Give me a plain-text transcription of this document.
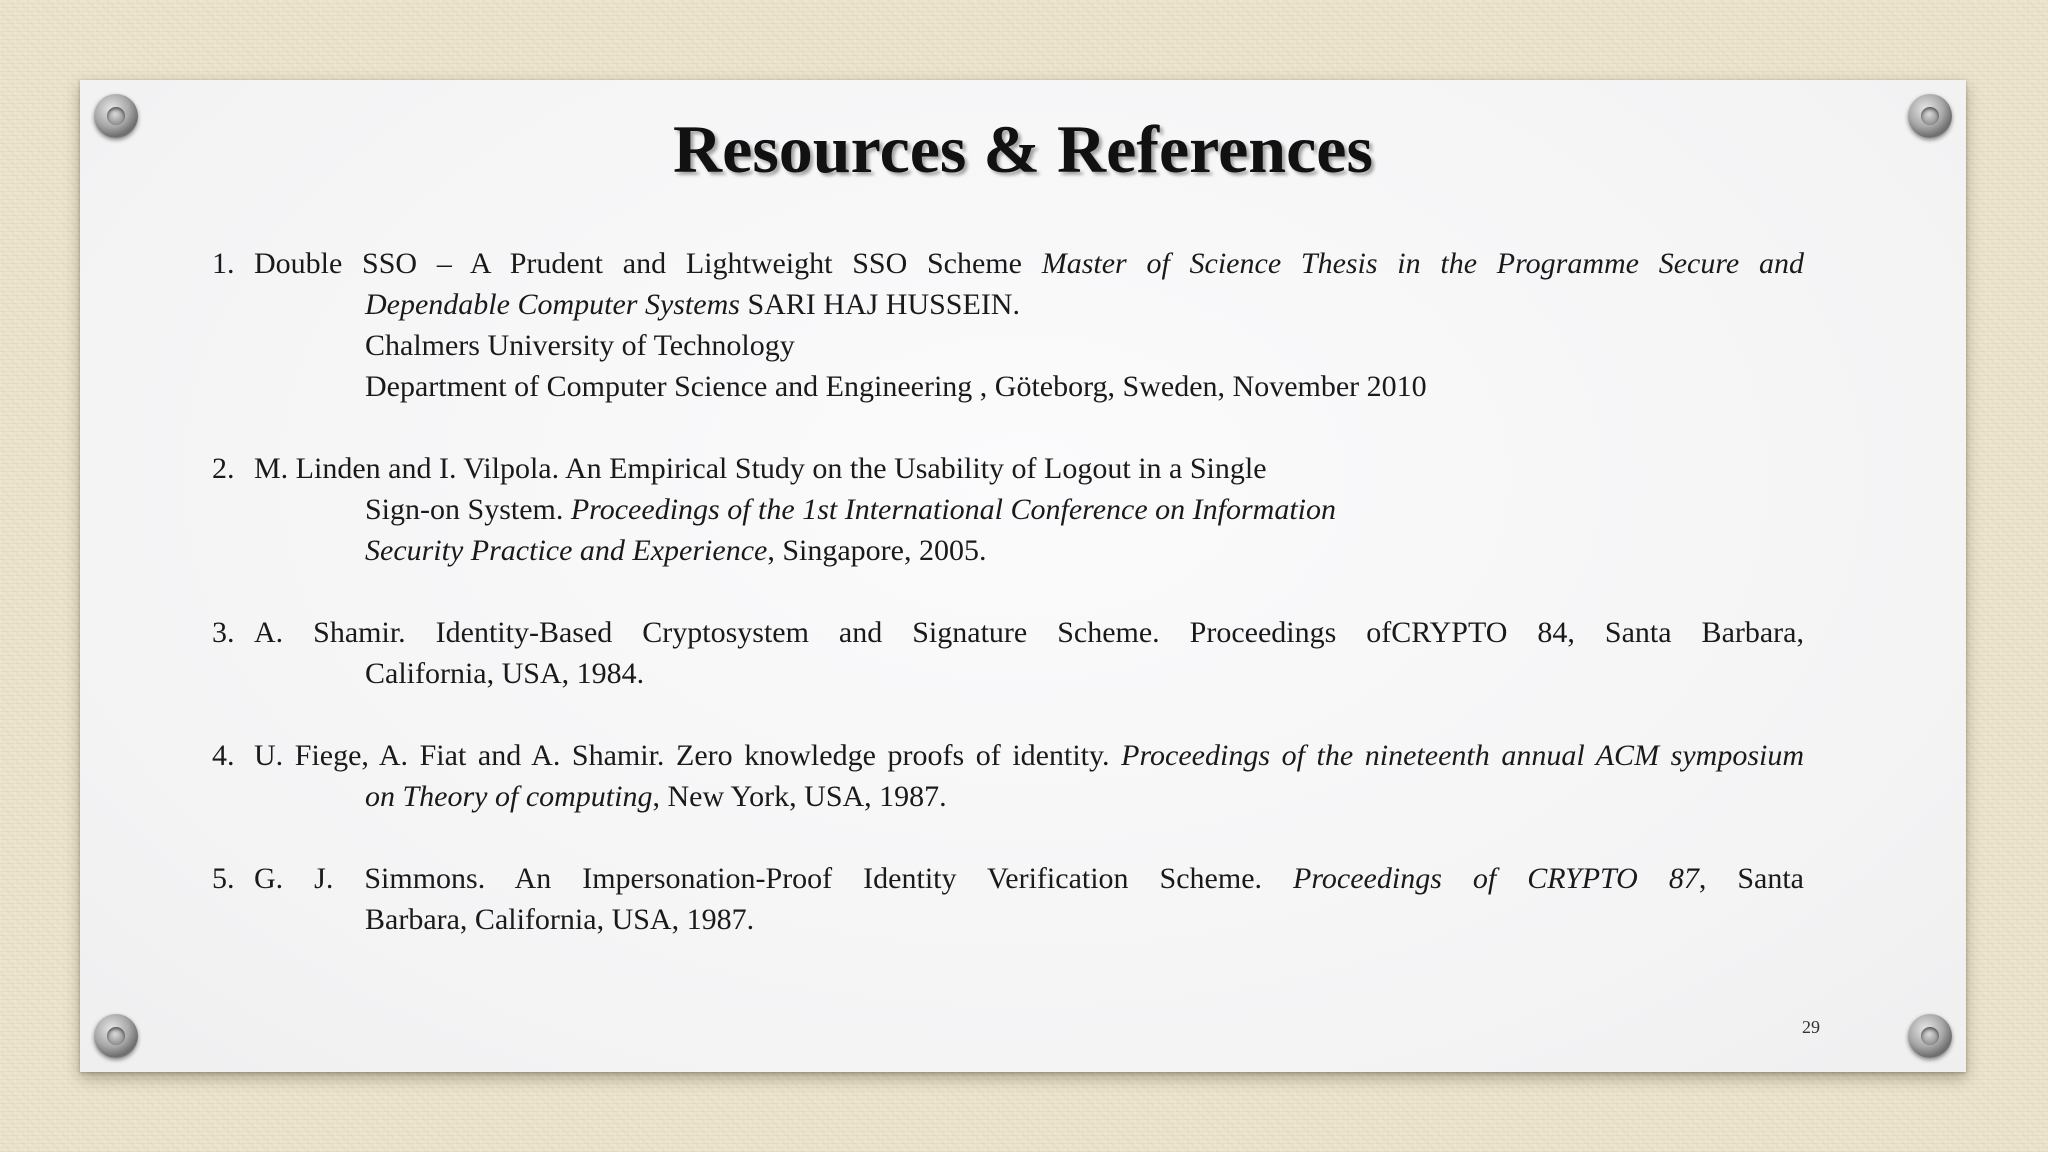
Resources & References

1. Double SSO – A Prudent and Lightweight SSO Scheme Master of Science Thesis in the Programme Secure and

Dependable Computer Systems SARI HAJ HUSSEIN.

Chalmers University of Technology

Department of Computer Science and Engineering , Göteborg, Sweden, November 2010

2. M. Linden and I. Vilpola. An Empirical Study on the Usability of Logout in a Single

Sign-on System. Proceedings of the 1st International Conference on Information

Security Practice and Experience, Singapore, 2005.

3. A. Shamir. Identity-Based Cryptosystem and Signature Scheme. Proceedings ofCRYPTO 84, Santa Barbara,

California, USA, 1984.

4. U. Fiege, A. Fiat and A. Shamir. Zero knowledge proofs of identity. Proceedings of the nineteenth annual ACM symposium

on Theory of computing, New York, USA, 1987.

5. G. J. Simmons. An Impersonation-Proof Identity Verification Scheme. Proceedings of CRYPTO 87, Santa

Barbara, California, USA, 1987.

29
